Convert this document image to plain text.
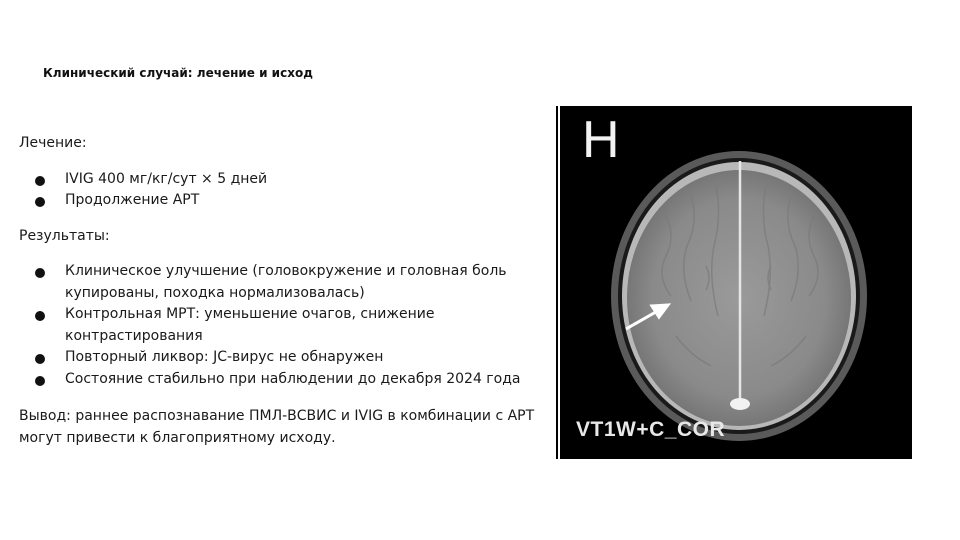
Клинический случай: лечение и исход
Лечение:
IVIG 400 мг/кг/сут × 5 дней
Продолжение АРТ
Результаты:
Клиническое улучшение (головокружение и головная боль купированы, походка нормализовалась)
Контрольная МРТ: уменьшение очагов, снижение контрастирования
Повторный ликвор: JC-вирус не обнаружен
Состояние стабильно при наблюдении до декабря 2024 года
Вывод: раннее распознавание ПМЛ-ВСВИС и IVIG в комбинации с АРТ могут привести к благоприятному исходу.
H
VT1W+C_COR
